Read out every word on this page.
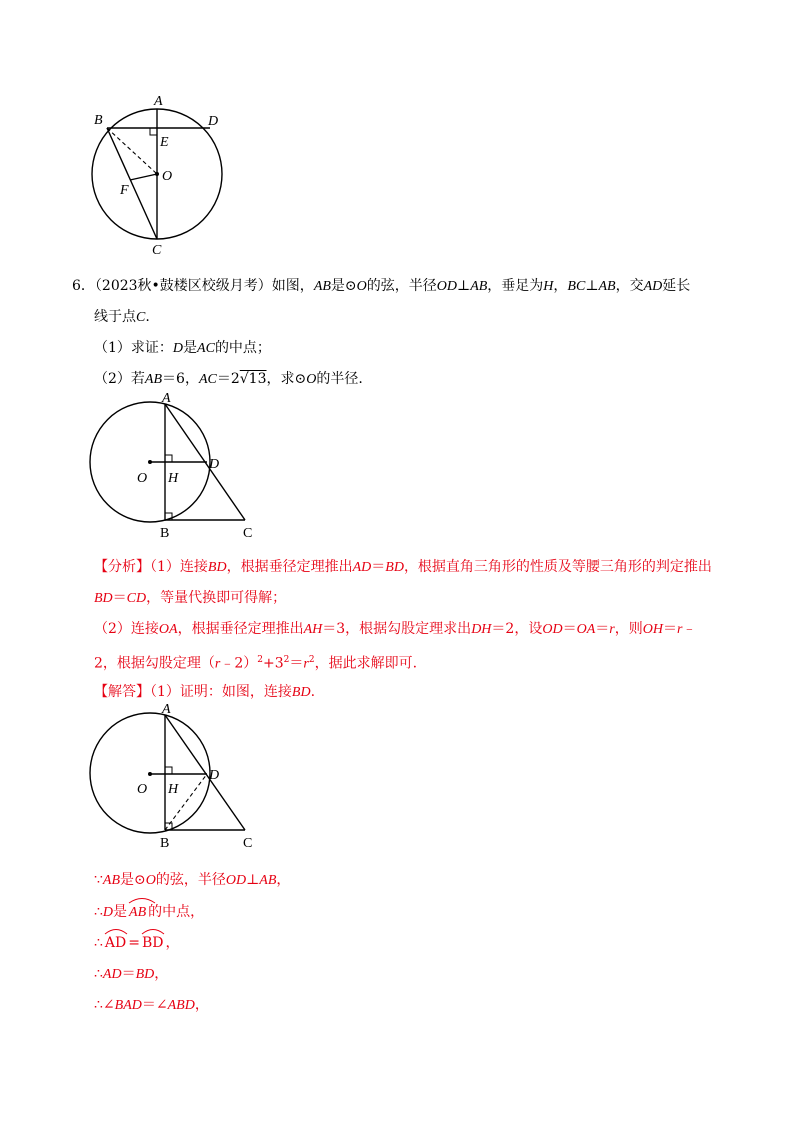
A
B	D
E
O
F
C
6．（2023秋•鼓楼区校级月考）如图，AB是⊙O的弦，半径OD⊥AB，垂足为H，BC⊥AB，交AD延长
线于点C.
（1）求证：D是AC的中点；
（2）若AB＝6，AC＝2√13，求⊙O的半径.
A
D
O H
B	C
【分析】（1）连接BD，根据垂径定理推出AD＝BD，根据直角三角形的性质及等腰三角形的判定推出
BD＝CD，等量代换即可得解；
（2）连接OA，根据垂径定理推出AH＝3，根据勾股定理求出DH＝2，设OD＝OA＝r，则OH＝r﹣
2，根据勾股定理$(r﹣2)^2+3^2=r^2$，据此求解即可.
【解答】（1）证明：如图，连接BD.
A
D
O H
B	C
∵AB是⊙O的弦，半径OD⊥AB，
∴D是 AB 的中点，
∴ AD = BD ，
∴AD＝BD，
∴∠BAD＝∠ABD，
